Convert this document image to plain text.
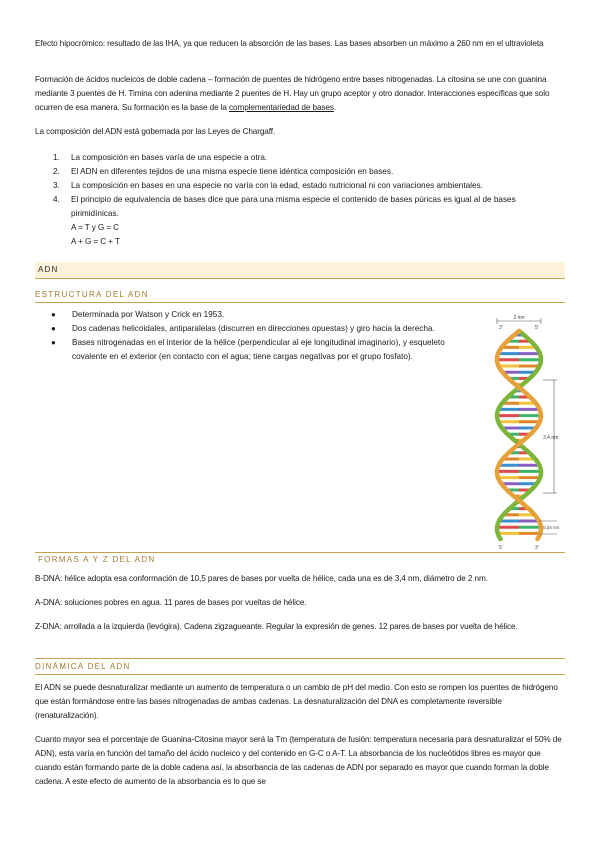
Efecto hipocrómico: resultado de las IHA, ya que reducen la absorción de las bases. Las bases absorben un máximo a 260 nm en el ultravioleta

Formación de ácidos nucleicos de doble cadena – formación de puentes de hidrógeno entre bases nitrogenadas. La citosina se une con guanina mediante 3 puentes de H. Timina con adenina mediante 2 puentes de H. Hay un grupo aceptor y otro donador. Interacciones específicas que solo ocurren de esa manera. Su formación es la base de la complementariedad de bases.

La composición del ADN está gobernada por las Leyes de Chargaff.

1. La composición en bases varía de una especie a otra.
2. El ADN en diferentes tejidos de una misma especie tiene idéntica composición en bases.
3. La composición en bases en una especie no varía con la edad, estado nutricional ni con variaciones ambientales.
4. El principio de equivalencia de bases dice que para una misma especie el contenido de bases púricas es igual al de bases pirimidínicas.

A = T y G = C

A + G = C + T

ADN
ESTRUCTURA DEL ADN
● Determinada por Watson y Crick en 1953.
● Dos cadenas helicoidales, antiparalelas (discurren en direcciones opuestas) y giro hacia la derecha.
● Bases nitrogenadas en el interior de la hélice (perpendicular al eje longitudinal imaginario), y esqueleto covalente en el exterior (en contacto con el agua; tiene cargas negativas por el grupo fosfato).
2 nm
3'	5'
3,4 nm
0,34 nm
5'	3'
FORMAS A Y Z DEL ADN

B-DNA: hélice adopta esa conformación de 10,5 pares de bases por vuelta de hélice, cada una es de 3,4 nm, diámetro de 2 nm.

A-DNA: soluciones pobres en agua. 11 pares de bases por vueltas de hélice.

Z-DNA: arrollada a la izquierda (levógira). Cadena zigzagueante. Regular la expresión de genes. 12 pares de bases por vuelta de hélice.

DINÁMICA DEL ADN

El ADN se puede desnaturalizar mediante un aumento de temperatura o un cambio de pH del medio. Con esto se rompen los puentes de hidrógeno que están formándose entre las bases nitrogenadas de ambas cadenas. La desnaturalización del DNA es completamente reversible (renaturalización).

Cuanto mayor sea el porcentaje de Guanina-Citosina mayor será la Tm (temperatura de fusión: temperatura necesaria para desnaturalizar el 50% de ADN), esta varía en función del tamaño del ácido nucleico y del contenido en G-C o A-T. La absorbancia de los nucleótidos libres es mayor que cuando están formando parte de la doble cadena así, la absorbancia de las cadenas de ADN por separado es mayor que cuando forman la doble cadena. A este efecto de aumento de la absorbancia es lo que se
